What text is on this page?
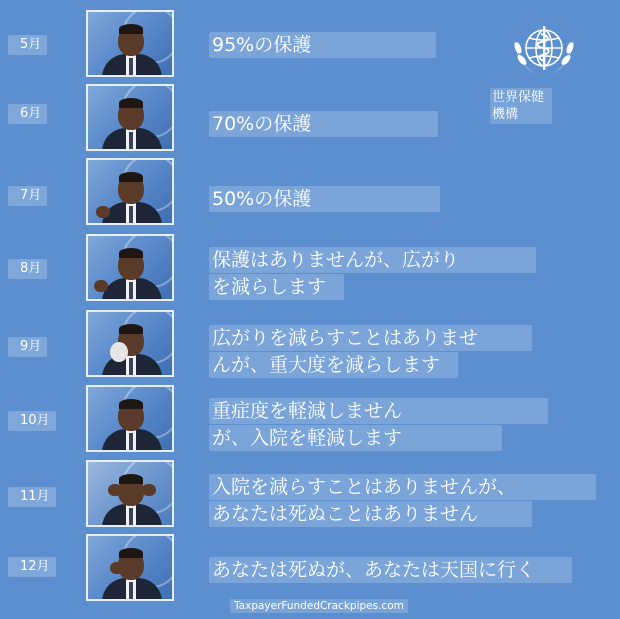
5月	95%の保護
6月	70%の保護
7月	50%の保護
8月	保護はありませんが、広がり
を減らします
9月	広がりを減らすことはありませ
んが、重大度を減らします
10月	重症度を軽減しません
が、入院を軽減します
11月	入院を減らすことはありませんが、
あなたは死ぬことはありません
12月	あなたは死ぬが、あなたは天国に行く
世界保健
機構
TaxpayerFundedCrackpipes.com
